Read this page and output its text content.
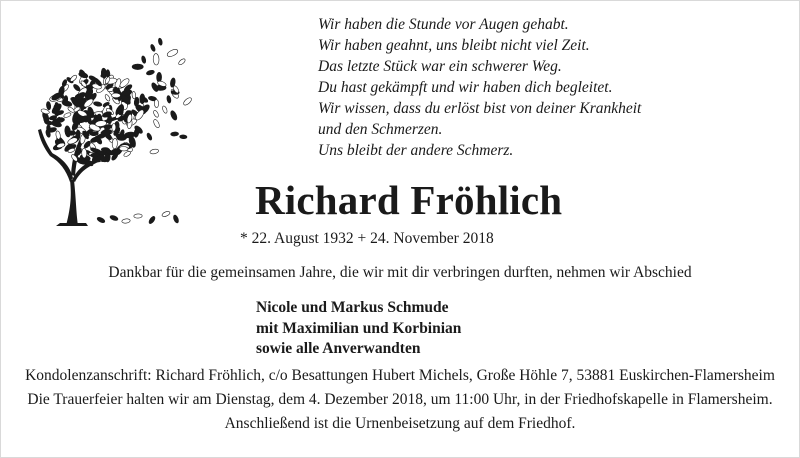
Wir haben die Stunde vor Augen gehabt.
Wir haben geahnt, uns bleibt nicht viel Zeit.
Das letzte Stück war ein schwerer Weg.
Du hast gekämpft und wir haben dich begleitet.
Wir wissen, dass du erlöst bist von deiner Krankheit
und den Schmerzen.
Uns bleibt der andere Schmerz.
Richard Fröhlich
* 22. August 1932 + 24. November 2018
Dankbar für die gemeinsamen Jahre, die wir mit dir verbringen durften, nehmen wir Abschied
Nicole und Markus Schmude
mit Maximilian und Korbinian
sowie alle Anverwandten
Kondolenzanschrift: Richard Fröhlich, c/o Besattungen Hubert Michels, Große Höhle 7, 53881 Euskirchen-Flamersheim
Die Trauerfeier halten wir am Dienstag, dem 4. Dezember 2018, um 11:00 Uhr, in der Friedhofskapelle in Flamersheim.
Anschließend ist die Urnenbeisetzung auf dem Friedhof.
